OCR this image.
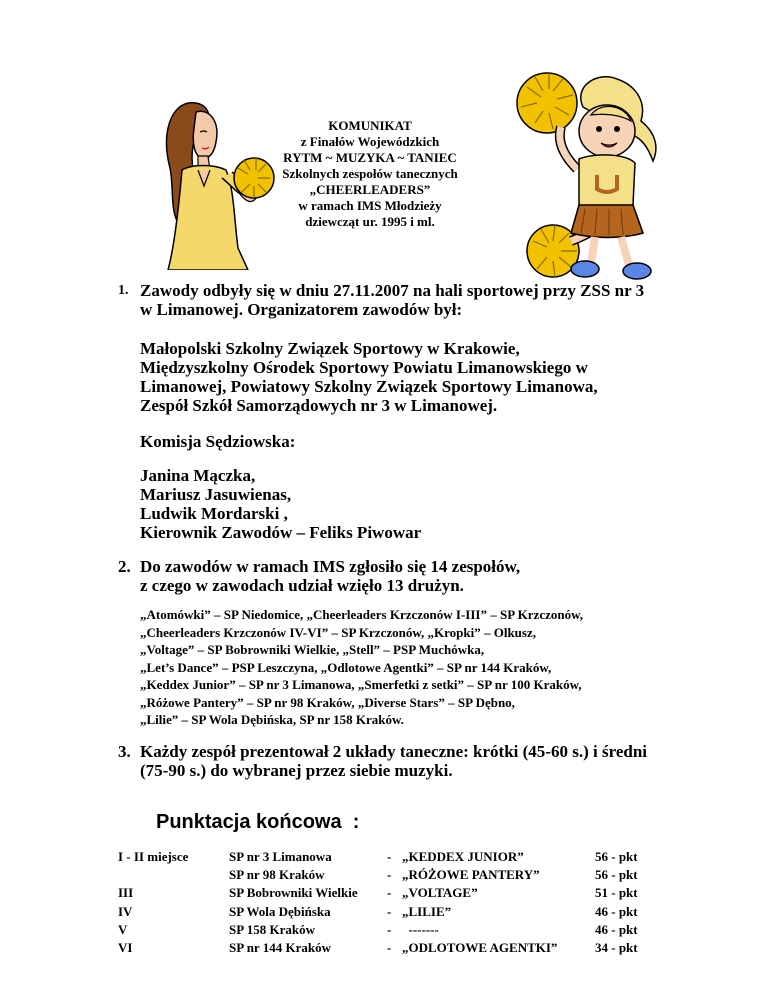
KOMUNIKAT
z Finałów Wojewódzkich
RYTM ~ MUZYKA ~ TANIEC
Szkolnych zespołów tanecznych
„CHEERLEADERS”
w ramach IMS Młodzieży
dziewcząt ur. 1995 i ml.
1. Zawody odbyły się w dniu 27.11.2007 na hali sportowej przy ZSS nr 3
w Limanowej. Organizatorem zawodów był:
Małopolski Szkolny Związek Sportowy w Krakowie,
Międzyszkolny Ośrodek Sportowy Powiatu Limanowskiego w
Limanowej, Powiatowy Szkolny Związek Sportowy Limanowa,
Zespół Szkół Samorządowych nr 3 w Limanowej.
Komisja Sędziowska:
Janina Mączka,
Mariusz Jasuwienas,
Ludwik Mordarski ,
Kierownik Zawodów – Feliks Piwowar
2. Do zawodów w ramach IMS zgłosiło się 14 zespołów,
z czego w zawodach udział wzięło 13 drużyn.
„Atomówki” – SP Niedomice, „Cheerleaders Krzczonów I-III” – SP Krzczonów,
„Cheerleaders Krzczonów IV-VI” – SP Krzczonów, „Kropki” – Olkusz,
„Voltage” – SP Bobrowniki Wielkie, „Stell” – PSP Muchówka,
„Let’s Dance” – PSP Leszczyna, „Odlotowe Agentki” – SP nr 144 Kraków,
„Keddex Junior” – SP nr 3 Limanowa, „Smerfetki z setki” – SP nr 100 Kraków,
„Różowe Pantery” – SP nr 98 Kraków, „Diverse Stars” – SP Dębno,
„Lilie” – SP Wola Dębińska, SP nr 158 Kraków.
3. Każdy zespół prezentował 2 układy taneczne: krótki (45-60 s.) i średni
(75-90 s.) do wybranej przez siebie muzyki.
Punktacja końcowa  :
I - II miejsce	SP nr 3 Limanowa	-	„KEDDEX JUNIOR”	56 - pkt
	SP nr 98 Kraków	-	„RÓŻOWE PANTERY”	56 - pkt
III	SP Bobrowniki Wielkie	-	„VOLTAGE”	51 - pkt
IV	SP Wola Dębińska	-	„LILIE”	46 - pkt
V	SP 158 Kraków	-	-------	46 - pkt
VI	SP nr 144 Kraków	-	„ODLOTOWE AGENTKI”	34 - pkt
